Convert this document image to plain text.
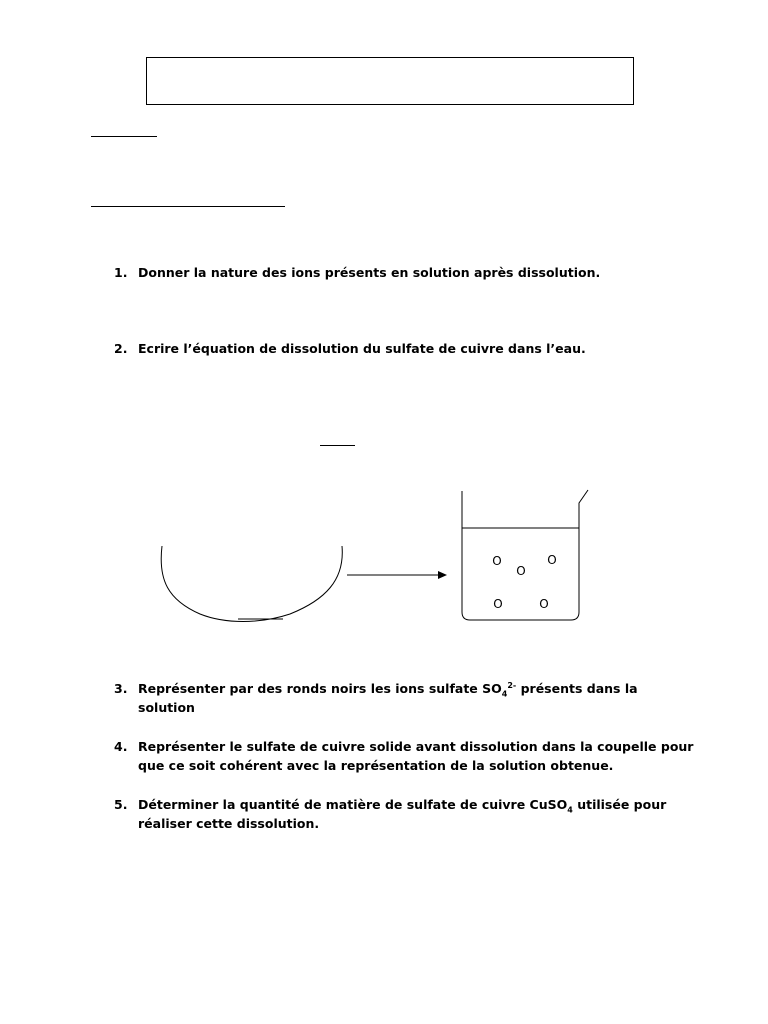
1. Donner la nature des ions présents en solution après dissolution.
2. Ecrire l’équation de dissolution du sulfate de cuivre dans l’eau.
O	O
O
O	O
3. Représenter par des ronds noirs les ions sulfate $SO_4^{2-}$ présents dans la
solution
4. Représenter le sulfate de cuivre solide avant dissolution dans la coupelle pour
que ce soit cohérent avec la représentation de la solution obtenue.
5. Déterminer la quantité de matière de sulfate de cuivre CuSO$_4$ utilisée pour
réaliser cette dissolution.
